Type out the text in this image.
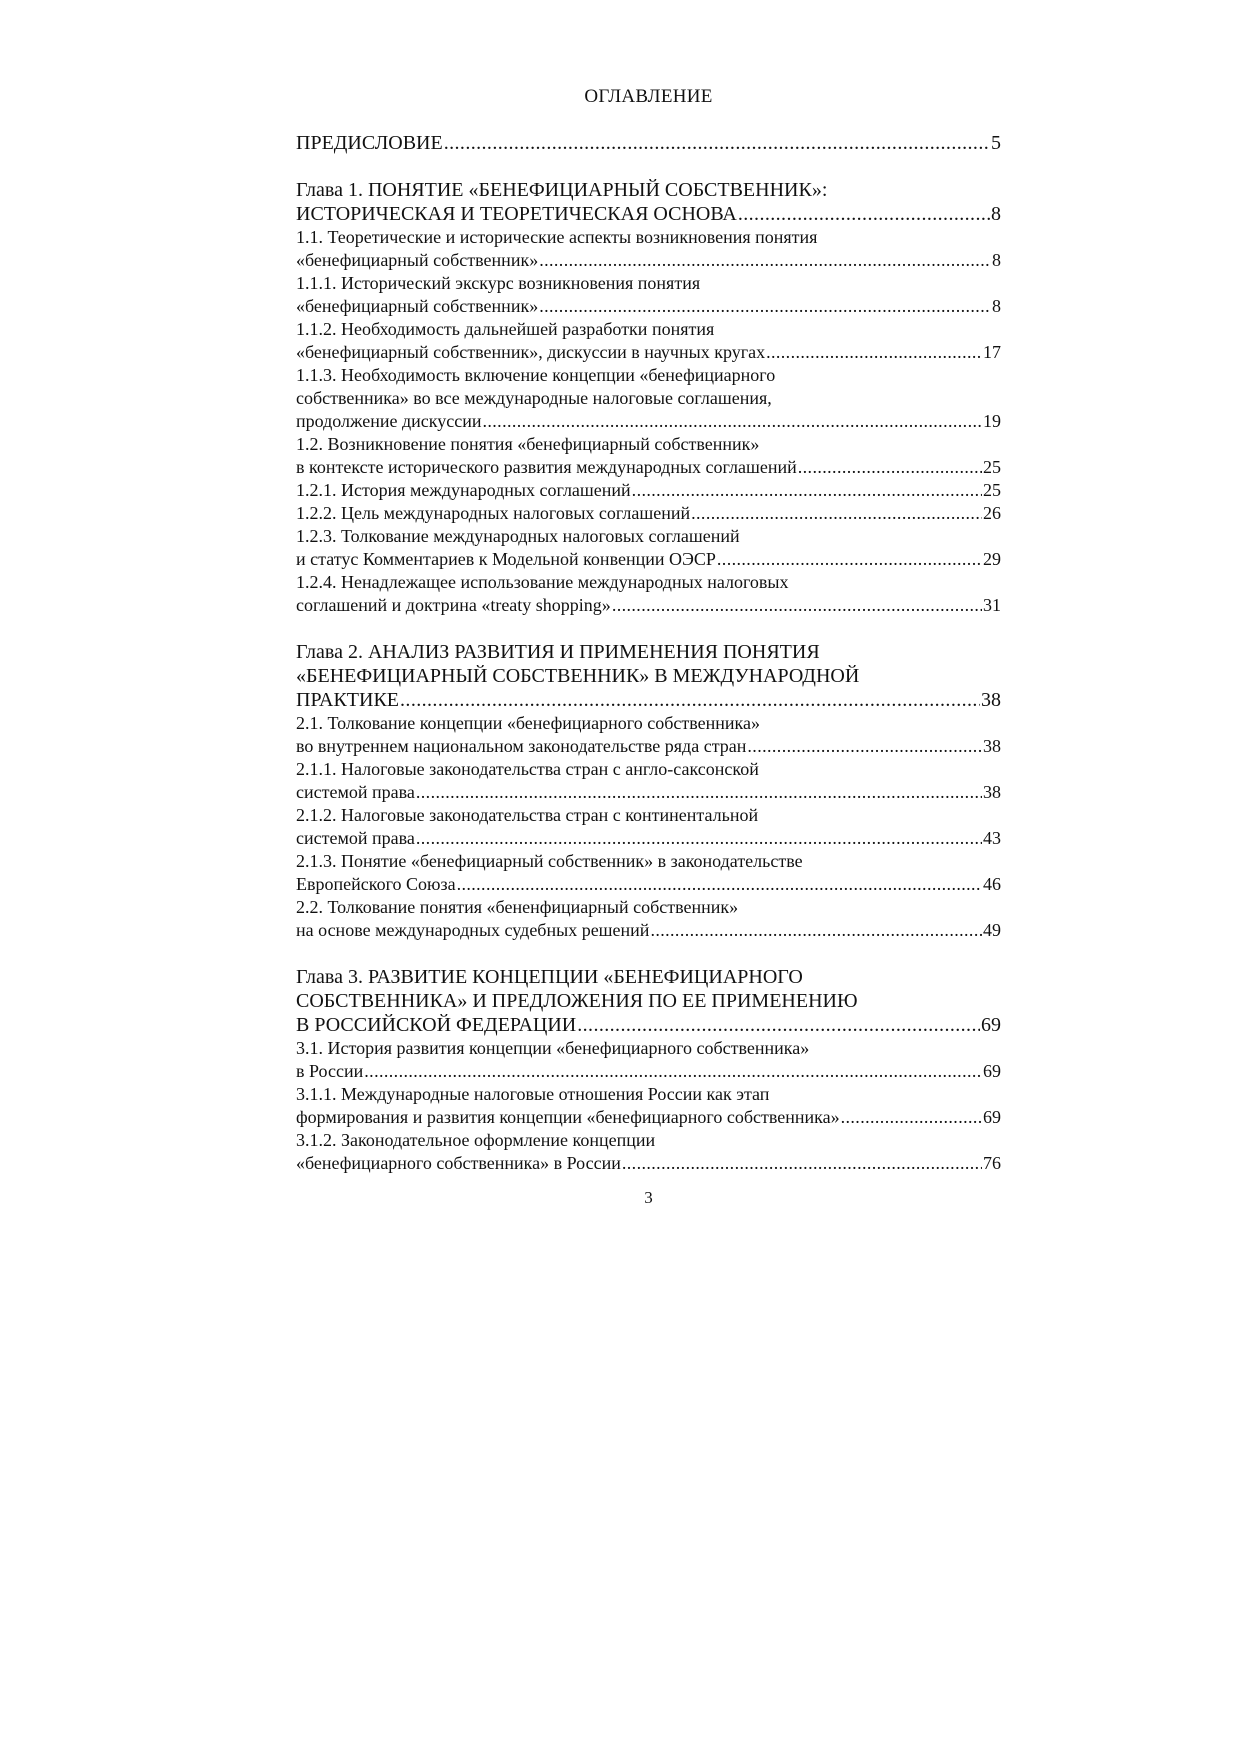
ОГЛАВЛЕНИЕ
ПРЕДИСЛОВИЕ .....	5
Глава 1. ПОНЯТИЕ «БЕНЕФИЦИАРНЫЙ СОБСТВЕННИК»:
ИСТОРИЧЕСКАЯ И ТЕОРЕТИЧЕСКАЯ ОСНОВА .....	8
1.1. Теоретические и исторические аспекты возникновения понятия
«бенефициарный собственник» .....	8
1.1.1. Исторический экскурс возникновения понятия
«бенефициарный собственник» .....	8
1.1.2. Необходимость дальнейшей разработки понятия
«бенефициарный собственник», дискуссии в научных кругах .....	17
1.1.3. Необходимость включение концепции «бенефициарного
собственника» во все международные налоговые соглашения,
продолжение дискуссии .....	19
1.2. Возникновение понятия «бенефициарный собственник»
в контексте исторического развития международных соглашений .....	25
1.2.1. История международных соглашений .....	25
1.2.2. Цель международных налоговых соглашений .....	26
1.2.3. Толкование международных налоговых соглашений
и статус Комментариев к Модельной конвенции ОЭСР .....	29
1.2.4. Ненадлежащее использование международных налоговых
соглашений и доктрина «treaty shopping» .....	31
Глава 2. АНАЛИЗ РАЗВИТИЯ И ПРИМЕНЕНИЯ ПОНЯТИЯ
«БЕНЕФИЦИАРНЫЙ СОБСТВЕННИК» В МЕЖДУНАРОДНОЙ
ПРАКТИКЕ .....	38
2.1. Толкование концепции «бенефициарного собственника»
во внутреннем национальном законодательстве ряда стран .....	38
2.1.1. Налоговые законодательства стран с англо-саксонской
системой права .....	38
2.1.2. Налоговые законодательства стран с континентальной
системой права .....	43
2.1.3. Понятие «бенефициарный собственник» в законодательстве
Европейского Союза .....	46
2.2. Толкование понятия «бененфициарный собственник»
на основе международных судебных решений .....	49
Глава 3. РАЗВИТИЕ КОНЦЕПЦИИ «БЕНЕФИЦИАРНОГО
СОБСТВЕННИКА» И ПРЕДЛОЖЕНИЯ ПО ЕЕ ПРИМЕНЕНИЮ
В РОССИЙСКОЙ ФЕДЕРАЦИИ .....	69
3.1. История развития концепции «бенефициарного собственника»
в России .....	69
3.1.1. Международные налоговые отношения России как этап
формирования и развития концепции «бенефициарного собственника» .....	69
3.1.2. Законодательное оформление концепции
«бенефициарного собственника» в России .....	76
3
